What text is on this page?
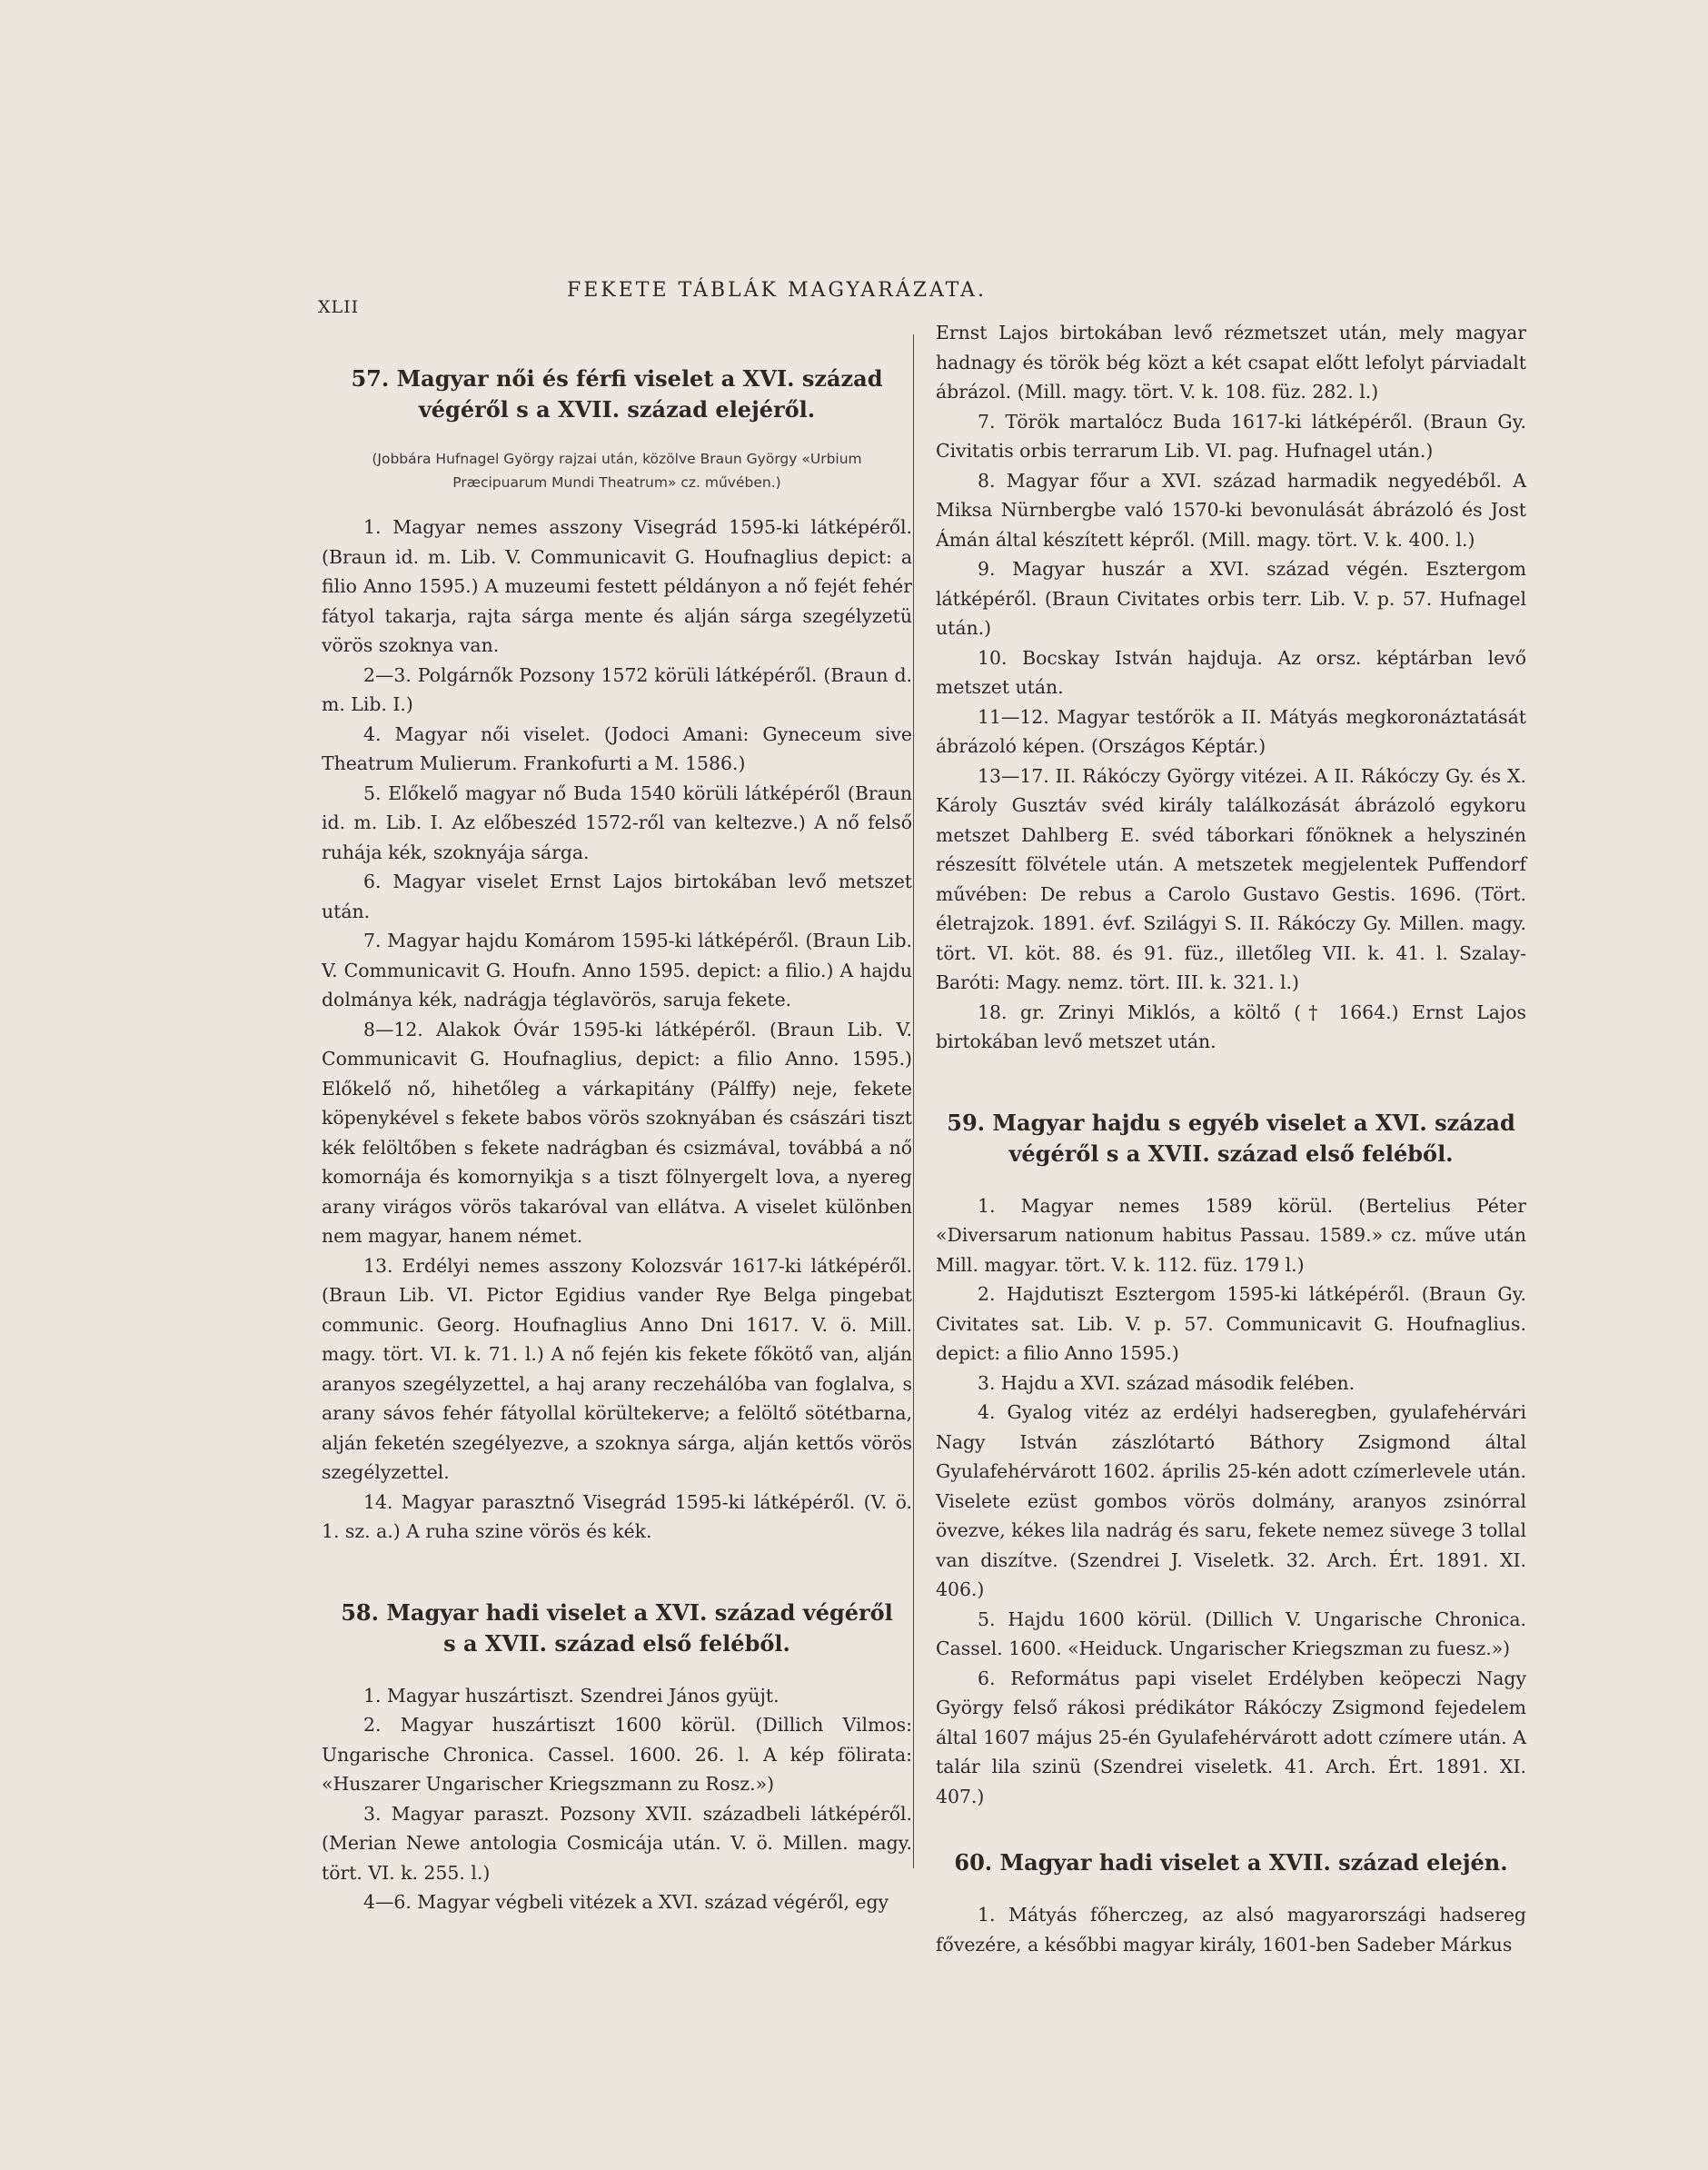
XLII
FEKETE TÁBLÁK MAGYARÁZATA.
57. Magyar női és férfi viselet a XVI. század
végéről s a XVII. század elejéről.
(Jobbára Hufnagel György rajzai után, közölve Braun György «Urbium
Præcipuarum Mundi Theatrum» cz. művében.)

1. Magyar nemes asszony Visegrád 1595-ki látképéről. (Braun id. m. Lib. V. Communicavit G. Houfnaglius depict: a filio Anno 1595.) A muzeumi festett példányon a nő fejét fehér fátyol takarja, rajta sárga mente és alján sárga szegélyzetü vörös szoknya van.

2—3. Polgárnők Pozsony 1572 körüli látképéről. (Braun d. m. Lib. I.)

4. Magyar női viselet. (Jodoci Amani: Gyneceum sive Theatrum Mulierum. Frankofurti a M. 1586.)

5. Előkelő magyar nő Buda 1540 körüli látképéről (Braun id. m. Lib. I. Az előbeszéd 1572-ről van keltezve.) A nő felső ruhája kék, szoknyája sárga.

6. Magyar viselet Ernst Lajos birtokában levő metszet után.

7. Magyar hajdu Komárom 1595-ki látképéről. (Braun Lib. V. Communicavit G. Houfn. Anno 1595. depict: a filio.) A hajdu dolmánya kék, nadrágja téglavörös, saruja fekete.

8—12. Alakok Óvár 1595-ki látképéről. (Braun Lib. V. Communicavit G. Houfnaglius, depict: a filio Anno. 1595.) Előkelő nő, hihetőleg a várkapitány (Pálffy) neje, fekete köpenykével s fekete babos vörös szoknyában és császári tiszt kék felöltőben s fekete nadrágban és csizmával, továbbá a nő komornája és komornyikja s a tiszt fölnyergelt lova, a nyereg arany virágos vörös takaróval van ellátva. A viselet különben nem magyar, hanem német.

13. Erdélyi nemes asszony Kolozsvár 1617-ki látképéről. (Braun Lib. VI. Pictor Egidius vander Rye Belga pingebat communic. Georg. Houfnaglius Anno Dni 1617. V. ö. Mill. magy. tört. VI. k. 71. l.) A nő fején kis fekete főkötő van, alján aranyos szegélyzettel, a haj arany reczehálóba van foglalva, s arany sávos fehér fátyollal körültekerve; a felöltő sötétbarna, alján feketén szegélyezve, a szoknya sárga, alján kettős vörös szegélyzettel.

14. Magyar parasztnő Visegrád 1595-ki látképéről. (V. ö. 1. sz. a.) A ruha szine vörös és kék.

58. Magyar hadi viselet a XVI. század végéről
s a XVII. század első feléből.

1. Magyar huszártiszt. Szendrei János gyüjt.

2. Magyar huszártiszt 1600 körül. (Dillich Vilmos: Ungarische Chronica. Cassel. 1600. 26. l. A kép fölirata: «Huszarer Ungarischer Kriegszmann zu Rosz.»)

3. Magyar paraszt. Pozsony XVII. századbeli látképéről. (Merian Newe antologia Cosmicája után. V. ö. Millen. magy. tört. VI. k. 255. l.)

4—6. Magyar végbeli vitézek a XVI. század végéről, egy

Ernst Lajos birtokában levő rézmetszet után, mely magyar hadnagy és török bég közt a két csapat előtt lefolyt párviadalt ábrázol. (Mill. magy. tört. V. k. 108. füz. 282. l.)

7. Török martalócz Buda 1617-ki látképéről. (Braun Gy. Civitatis orbis terrarum Lib. VI. pag. Hufnagel után.)

8. Magyar főur a XVI. század harmadik negyedéből. A Miksa Nürnbergbe való 1570-ki bevonulását ábrázoló és Jost Ámán által készített képről. (Mill. magy. tört. V. k. 400. l.)

9. Magyar huszár a XVI. század végén. Esztergom látképéről. (Braun Civitates orbis terr. Lib. V. p. 57. Hufnagel után.)

10. Bocskay István hajduja. Az orsz. képtárban levő metszet után.

11—12. Magyar testőrök a II. Mátyás megkoronáztatását ábrázoló képen. (Országos Képtár.)

13—17. II. Rákóczy György vitézei. A II. Rákóczy Gy. és X. Károly Gusztáv svéd király találkozását ábrázoló egykoru metszet Dahlberg E. svéd táborkari főnöknek a helyszinén részesítt fölvétele után. A metszetek megjelentek Puffendorf művében: De rebus a Carolo Gustavo Gestis. 1696. (Tört. életrajzok. 1891. évf. Szilágyi S. II. Rákóczy Gy. Millen. magy. tört. VI. köt. 88. és 91. füz., illetőleg VII. k. 41. l. Szalay-Baróti: Magy. nemz. tört. III. k. 321. l.)

18. gr. Zrinyi Miklós, a költő († 1664.) Ernst Lajos birtokában levő metszet után.

59. Magyar hajdu s egyéb viselet a XVI. század
végéről s a XVII. század első feléből.

1. Magyar nemes 1589 körül. (Bertelius Péter «Diversarum nationum habitus Passau. 1589.» cz. műve után Mill. magyar. tört. V. k. 112. füz. 179 l.)

2. Hajdutiszt Esztergom 1595-ki látképéről. (Braun Gy. Civitates sat. Lib. V. p. 57. Communicavit G. Houfnaglius. depict: a filio Anno 1595.)

3. Hajdu a XVI. század második felében.

4. Gyalog vitéz az erdélyi hadseregben, gyulafehérvári Nagy István zászlótartó Báthory Zsigmond által Gyulafehérvárott 1602. április 25-kén adott czímerlevele után. Viselete ezüst gombos vörös dolmány, aranyos zsinórral övezve, kékes lila nadrág és saru, fekete nemez süvege 3 tollal van diszítve. (Szendrei J. Viseletk. 32. Arch. Ért. 1891. XI. 406.)

5. Hajdu 1600 körül. (Dillich V. Ungarische Chronica. Cassel. 1600. «Heiduck. Ungarischer Kriegszman zu fuesz.»)

6. Református papi viselet Erdélyben keöpeczi Nagy György felső rákosi prédikátor Rákóczy Zsigmond fejedelem által 1607 május 25-én Gyulafehérvárott adott czímere után. A talár lila szinü (Szendrei viseletk. 41. Arch. Ért. 1891. XI. 407.)

60. Magyar hadi viselet a XVII. század elején.

1. Mátyás főherczeg, az alsó magyarországi hadsereg fővezére, a későbbi magyar király, 1601-ben Sadeber Márkus
